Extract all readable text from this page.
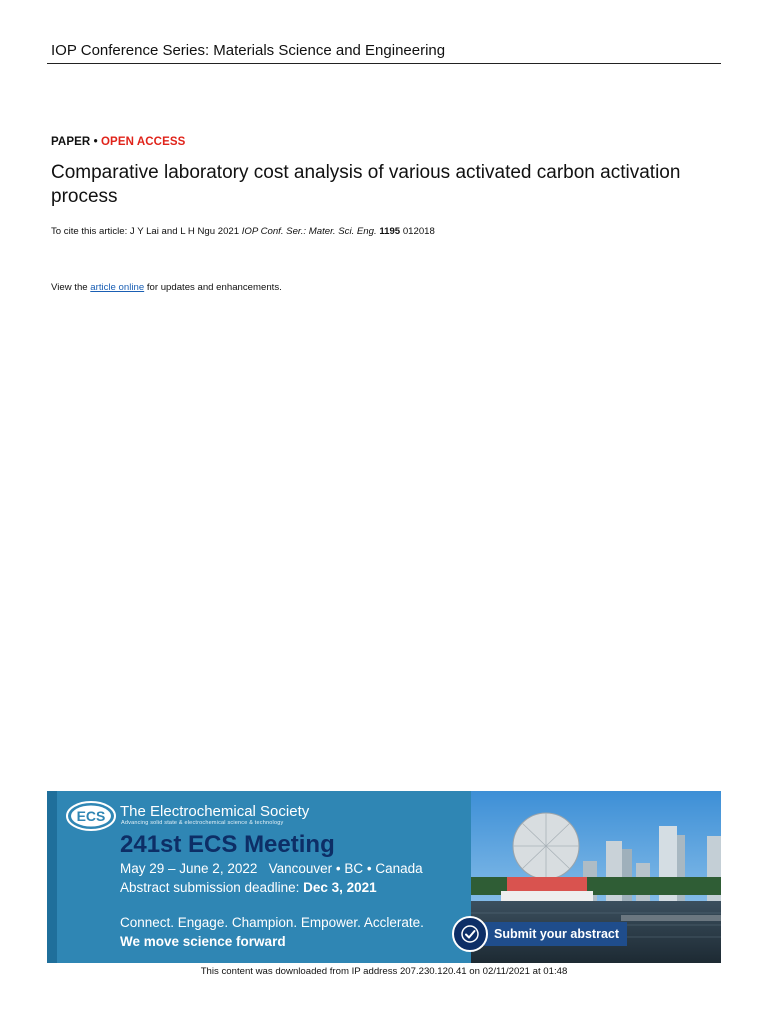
IOP Conference Series: Materials Science and Engineering
PAPER • OPEN ACCESS
Comparative laboratory cost analysis of various activated carbon activation process
To cite this article: J Y Lai and L H Ngu 2021 IOP Conf. Ser.: Mater. Sci. Eng. 1195 012018
View the article online for updates and enhancements.
ECS The Electrochemical Society
Advancing solid state & electrochemical science & technology
241st ECS Meeting
May 29 – June 2, 2022   Vancouver • BC • Canada
Abstract submission deadline: Dec 3, 2021
Connect. Engage. Champion. Empower. Acclerate.
We move science forward	Submit your abstract
This content was downloaded from IP address 207.230.120.41 on 02/11/2021 at 01:48
